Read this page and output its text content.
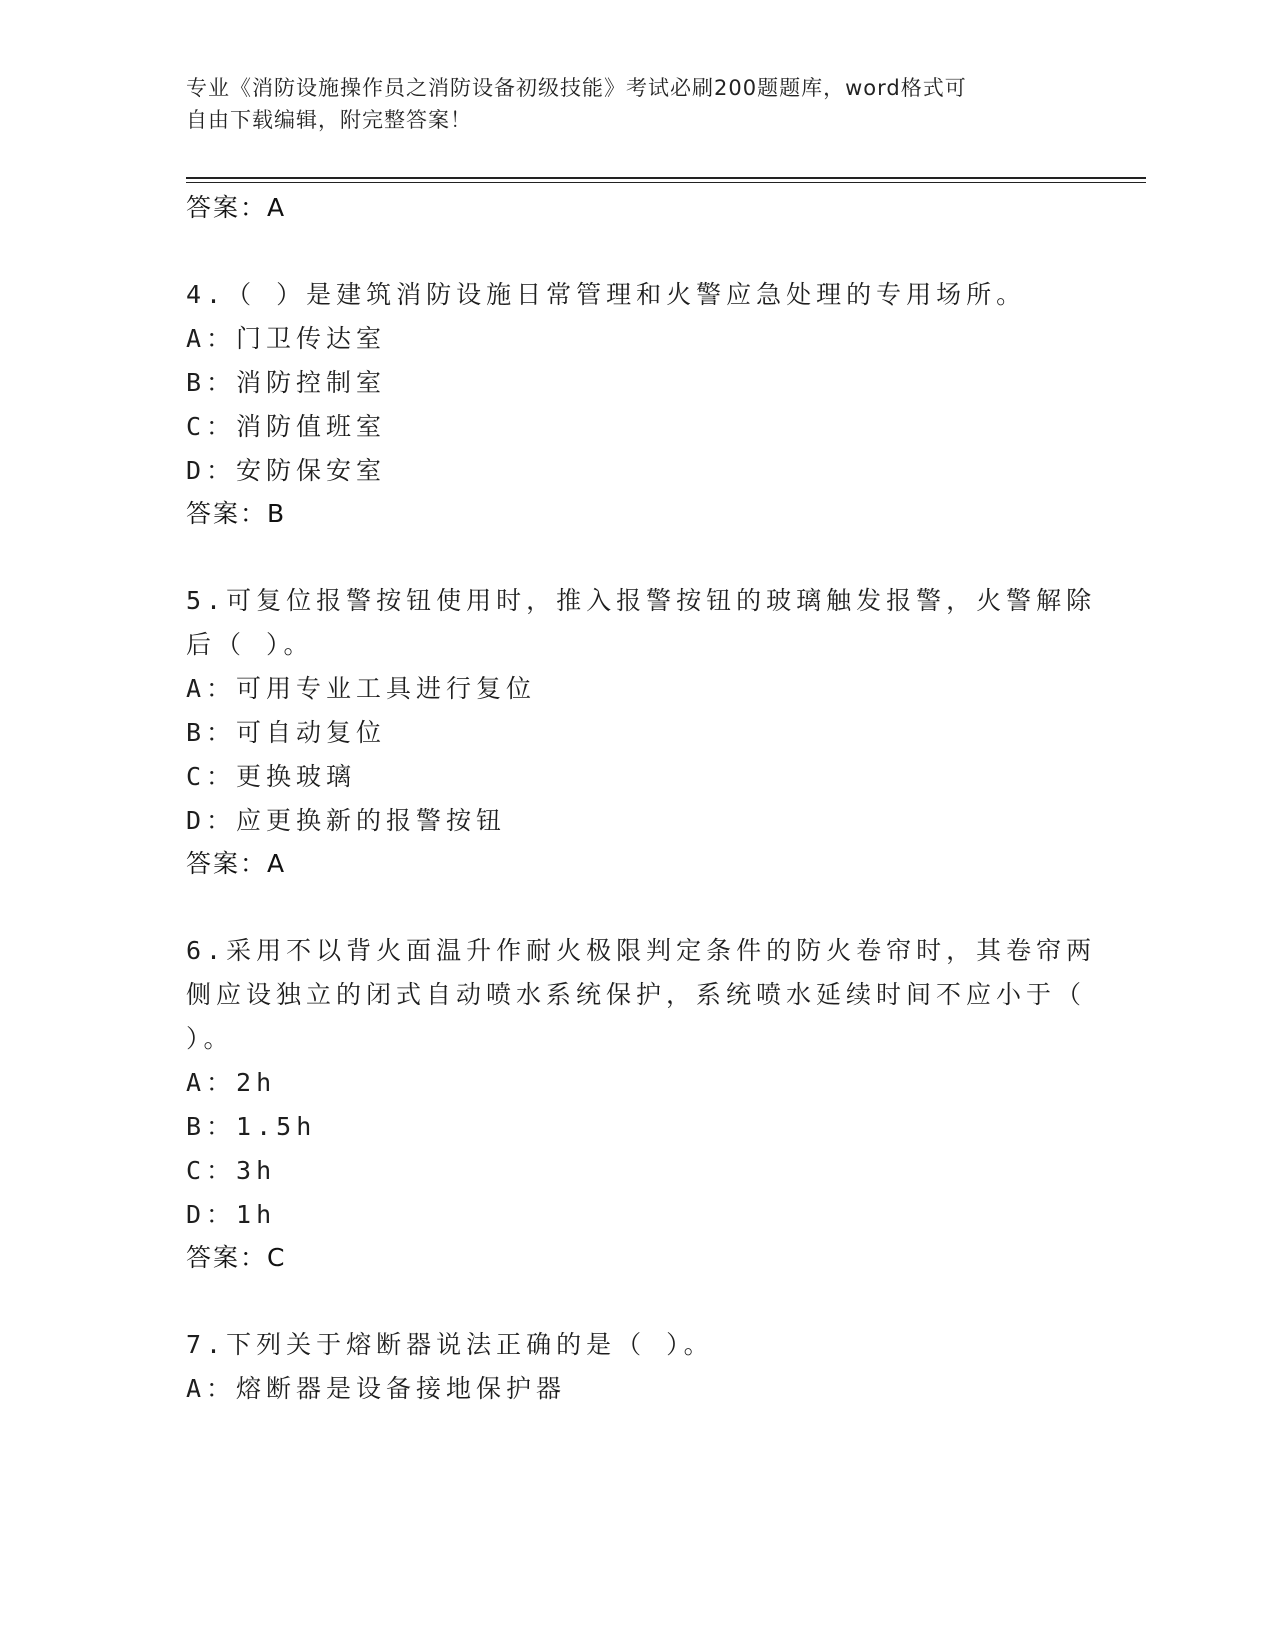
专业《消防设施操作员之消防设备初级技能》考试必刷200题题库，word格式可
自由下载编辑，附完整答案！
答案：A
4.（ ）是建筑消防设施日常管理和火警应急处理的专用场所。
A：门卫传达室
B：消防控制室
C：消防值班室
D：安防保安室
答案：B
5.可复位报警按钮使用时，推入报警按钮的玻璃触发报警，火警解除
后（ ）。
A：可用专业工具进行复位
B：可自动复位
C：更换玻璃
D：应更换新的报警按钮
答案：A
6.采用不以背火面温升作耐火极限判定条件的防火卷帘时，其卷帘两
侧应设独立的闭式自动喷水系统保护，系统喷水延续时间不应小于（
）。
A：2h
B：1.5h
C：3h
D：1h
答案：C
7.下列关于熔断器说法正确的是（ ）。
A：熔断器是设备接地保护器
